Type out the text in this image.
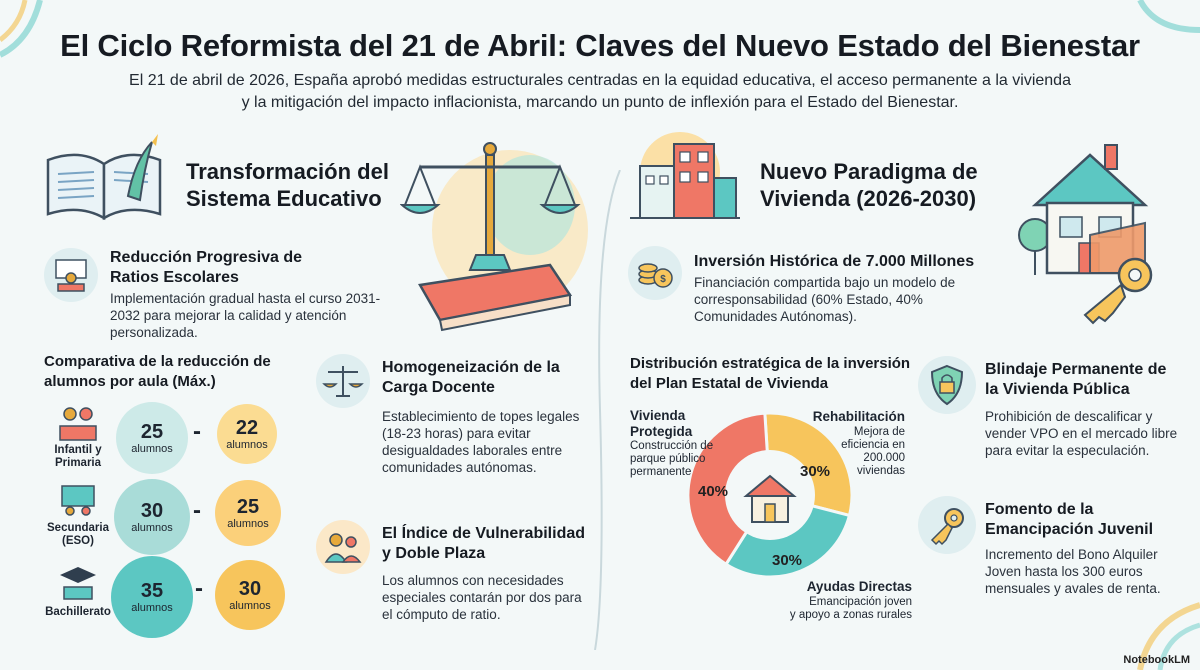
El Ciclo Reformista del 21 de Abril: Claves del Nuevo Estado del Bienestar
El 21 de abril de 2026, España aprobó medidas estructurales centradas en la equidad educativa, el acceso permanente a la vivienda
y la mitigación del impacto inflacionista, marcando un punto de inflexión para el Estado del Bienestar.
Transformación del
Sistema Educativo
Reducción Progresiva de
Ratios Escolares
Implementación gradual hasta el curso 2031-
2032 para mejorar la calidad y atención
personalizada.
Comparativa de la reducción de
alumnos por aula (Máx.)
Infantil y
Primaria
25
alumnos
- 22
alumnos
Secundaria
(ESO)
30
alumnos
- 25
alumnos
Bachillerato
35
alumnos
- 30
alumnos
Homogeneización de la
Carga Docente
Establecimiento de topes legales
(18-23 horas) para evitar
desigualdades laborales entre
comunidades autónomas.
El Índice de Vulnerabilidad
y Doble Plaza
Los alumnos con necesidades
especiales contarán por dos para
el cómputo de ratio.
Nuevo Paradigma de
Vivienda (2026-2030)
$
Inversión Histórica de 7.000 Millones
Financiación compartida bajo un modelo de
corresponsabilidad (60% Estado, 40%
Comunidades Autónomas).
Distribución estratégica de la inversión
del Plan Estatal de Vivienda
40%
30%
30%
Vivienda Protegida
Construcción de
parque público
permanente
Rehabilitación
Mejora de
eficiencia en
200.000
viviendas
Ayudas Directas
Emancipación joven
y apoyo a zonas rurales
Blindaje Permanente de
la Vivienda Pública
Prohibición de descalificar y
vender VPO en el mercado libre
para evitar la especulación.
Fomento de la
Emancipación Juvenil
Incremento del Bono Alquiler
Joven hasta los 300 euros
mensuales y avales de renta.
NotebookLM
